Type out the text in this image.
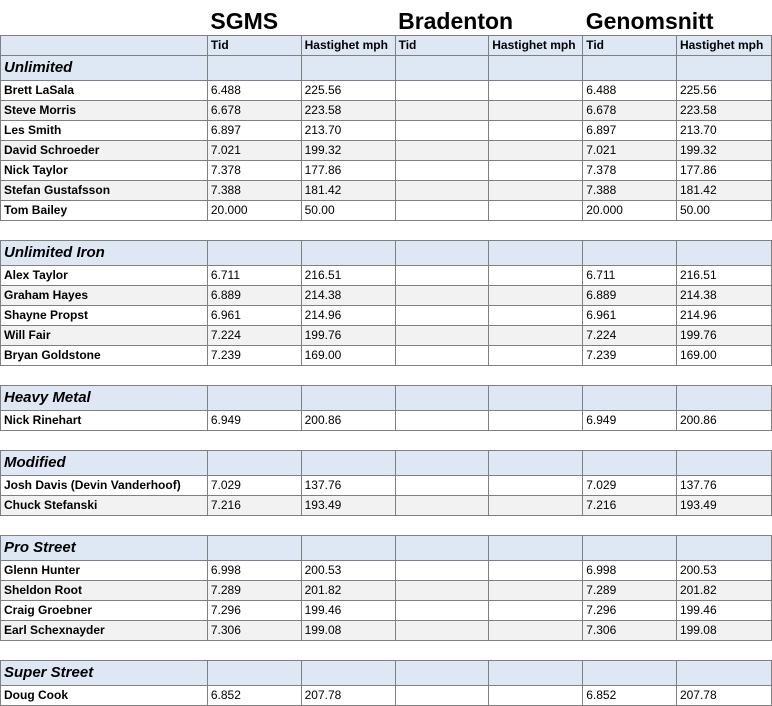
	SGMS		Bradenton		Genomsnitt	
	Tid	Hastighet mph	Tid	Hastighet mph	Tid	Hastighet mph
Unlimited						
Brett LaSala	6.488	225.56			6.488	225.56
Steve Morris	6.678	223.58			6.678	223.58
Les Smith	6.897	213.70			6.897	213.70
David Schroeder	7.021	199.32			7.021	199.32
Nick Taylor	7.378	177.86			7.378	177.86
Stefan Gustafsson	7.388	181.42			7.388	181.42
Tom Bailey	20.000	50.00			20.000	50.00

Unlimited Iron						
Alex Taylor	6.711	216.51			6.711	216.51
Graham Hayes	6.889	214.38			6.889	214.38
Shayne Propst	6.961	214.96			6.961	214.96
Will Fair	7.224	199.76			7.224	199.76
Bryan Goldstone	7.239	169.00			7.239	169.00

Heavy Metal						
Nick Rinehart	6.949	200.86			6.949	200.86

Modified						
Josh Davis (Devin Vanderhoof)	7.029	137.76			7.029	137.76
Chuck Stefanski	7.216	193.49			7.216	193.49

Pro Street						
Glenn Hunter	6.998	200.53			6.998	200.53
Sheldon Root	7.289	201.82			7.289	201.82
Craig Groebner	7.296	199.46			7.296	199.46
Earl Schexnayder	7.306	199.08			7.306	199.08

Super Street						
Doug Cook	6.852	207.78			6.852	207.78
